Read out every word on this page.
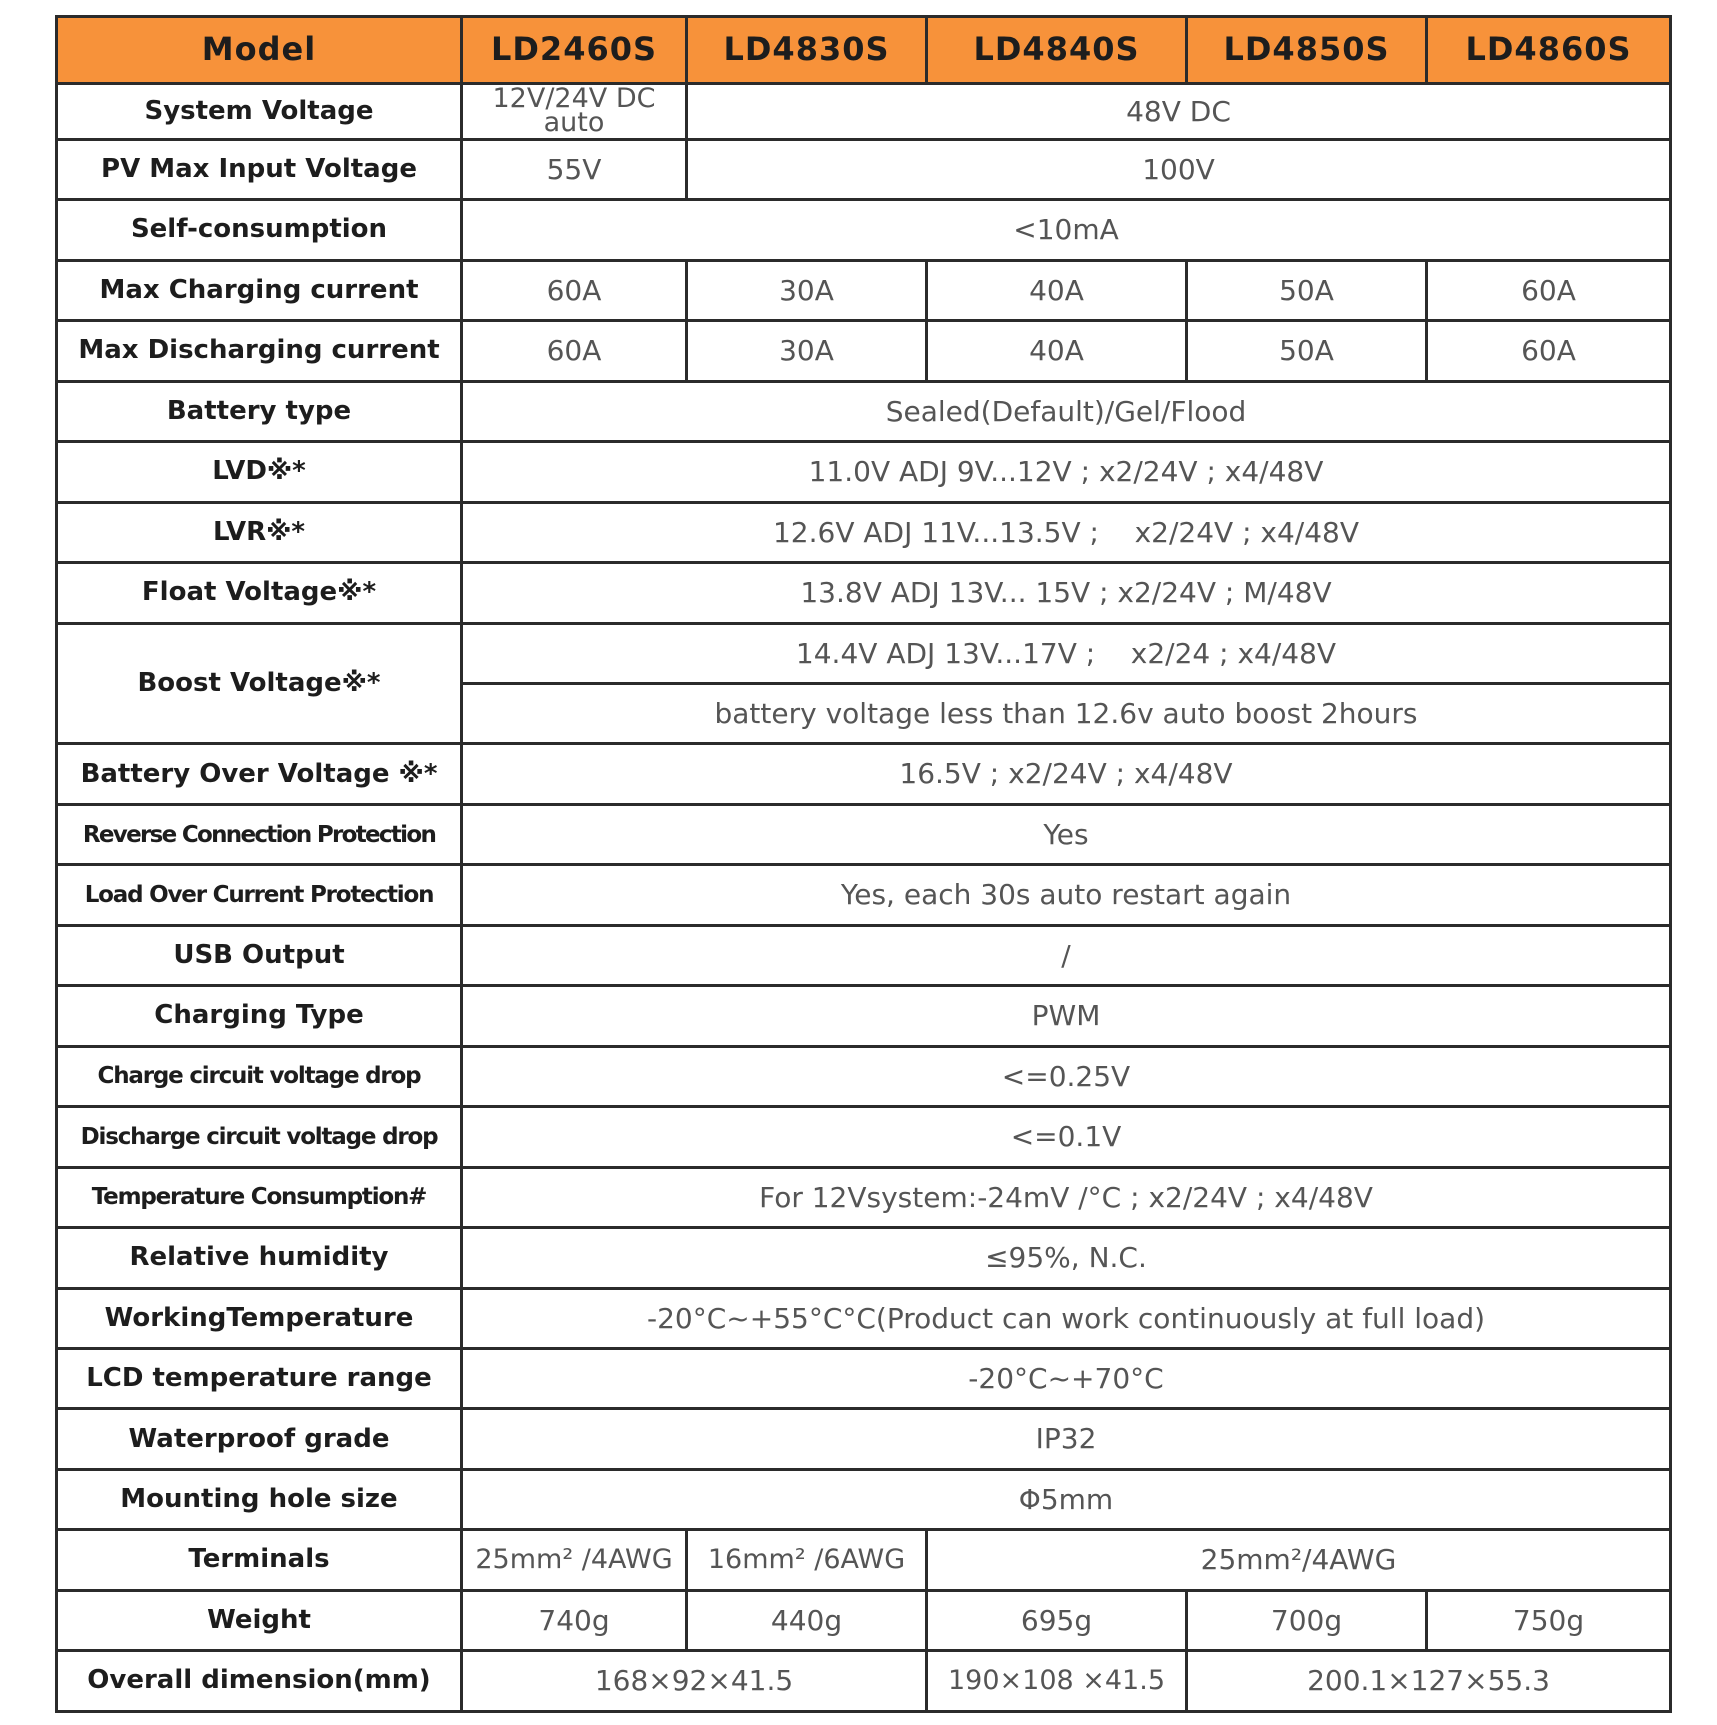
Model	LD2460S	LD4830S	LD4840S	LD4850S	LD4860S
System Voltage	12V/24V DC auto	48V DC			
PV Max Input Voltage	55V	100V			
Self-consumption	<10mA				
Max Charging current	60A	30A	40A	50A	60A
Max Discharging current	60A	30A	40A	50A	60A
Battery type	Sealed(Default)/Gel/Flood				
LVD※*	11.0V ADJ 9V...12V ; x2/24V ; x4/48V				
LVR※*	12.6V ADJ 11V...13.5V ;    x2/24V ; x4/48V				
Float Voltage※*	13.8V ADJ 13V... 15V ; x2/24V ; M/48V				
Boost Voltage※*	14.4V ADJ 13V...17V ;    x2/24 ; x4/48V				
	battery voltage less than 12.6v auto boost 2hours				
Battery Over Voltage ※*	16.5V ; x2/24V ; x4/48V				
Reverse Connection Protection	Yes				
Load Over Current Protection	Yes, each 30s auto restart again				
USB Output	/				
Charging Type	PWM				
Charge circuit voltage drop	<=0.25V				
Discharge circuit voltage drop	<=0.1V				
Temperature Consumption#	For 12Vsystem:-24mV /°C ; x2/24V ; x4/48V				
Relative humidity	≤95%, N.C.				
WorkingTemperature	-20°C~+55°C°C(Product can work continuously at full load)				
LCD temperature range	-20°C~+70°C				
Waterproof grade	IP32				
Mounting hole size	Φ5mm				
Terminals	25mm² /4AWG	16mm² /6AWG	25mm²/4AWG		
Weight	740g	440g	695g	700g	750g
Overall dimension(mm)	168×92×41.5		190×108 ×41.5	200.1×127×55.3	
